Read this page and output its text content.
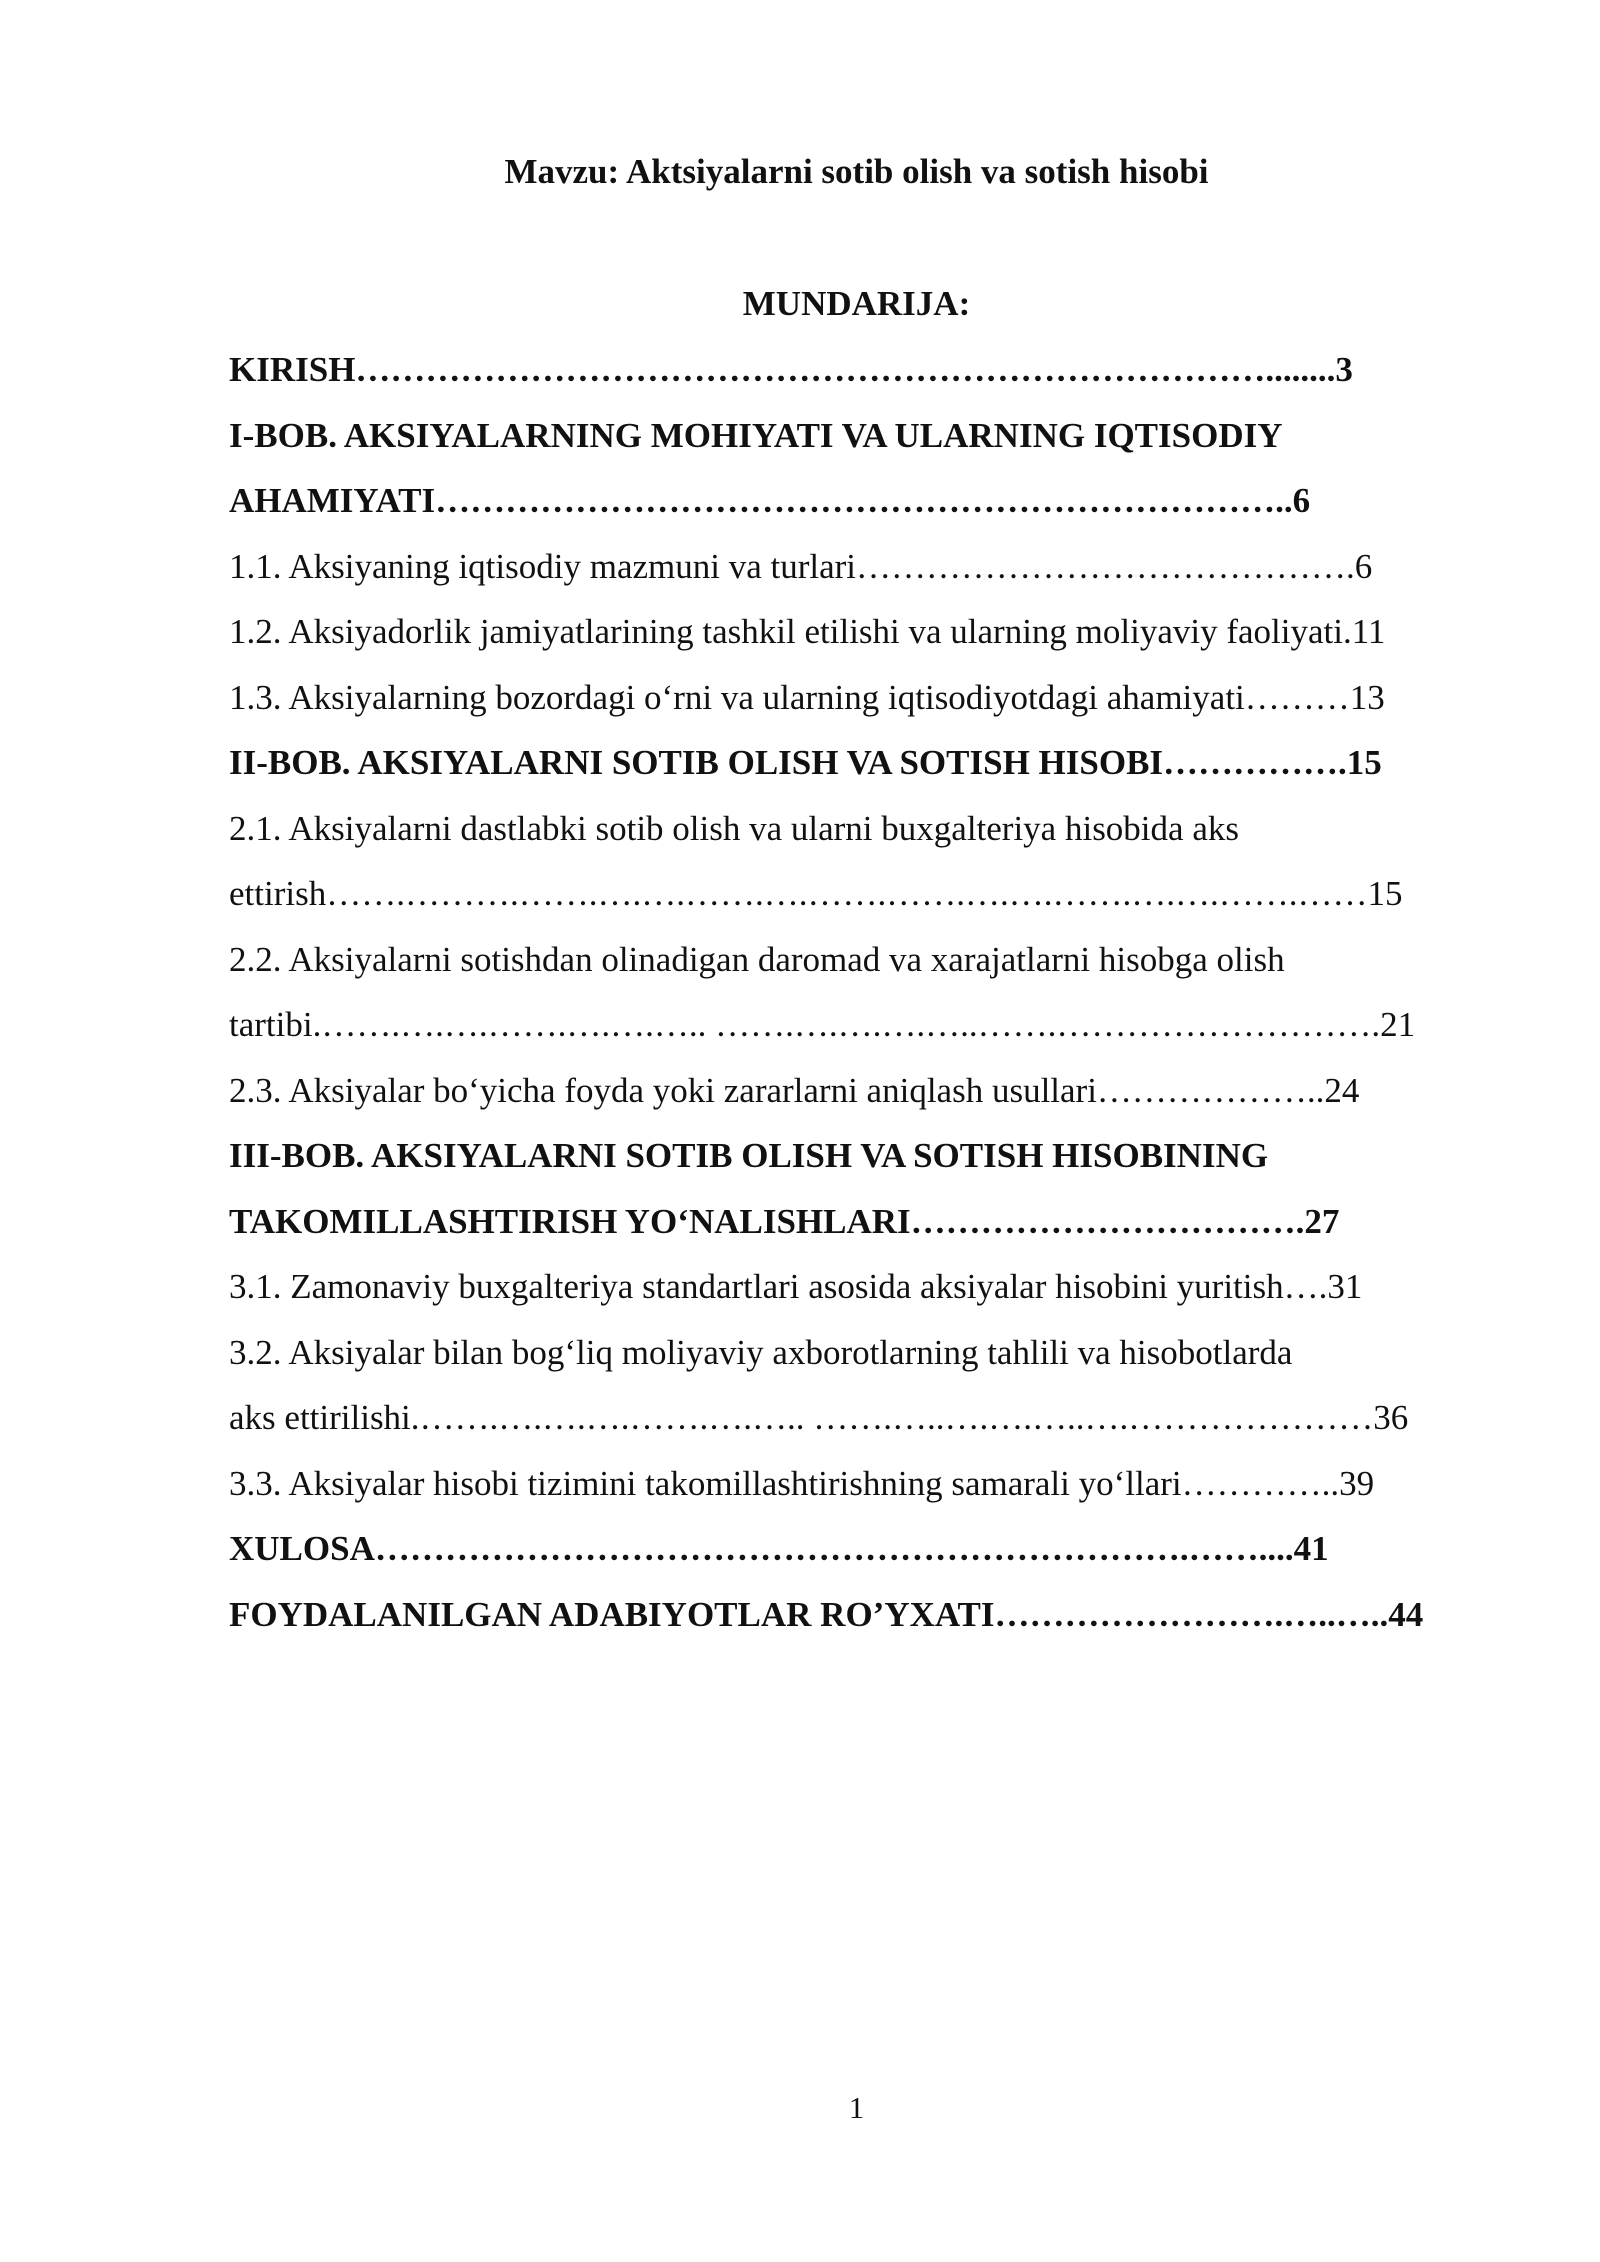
Mavzu: Aktsiyalarni sotib olish va sotish hisobi
MUNDARIJA:
KIRISH……………………………………………………………………........3
I-BOB. AKSIYALARNING MOHIYATI VA ULARNING IQTISODIY
AHAMIYATI………………………………………………………………..6
1.1. Aksiyaning iqtisodiy mazmuni va turlari…………………………………….6
1.2. Aksiyadorlik jamiyatlarining tashkil etilishi va ularning moliyaviy faoliyati.11
1.3. Aksiyalarning bozordagi o‘rni va ularning iqtisodiyotdagi ahamiyati………13
II-BOB. AKSIYALARNI SOTIB OLISH VA SOTISH HISOBI…………….15
2.1. Aksiyalarni dastlabki sotib olish va ularni buxgalteriya hisobida aks
ettirish…….……….…….….….…….….…….…….….….…….….….…….……15
2.2. Aksiyalarni sotishdan olinadigan daromad va xarajatlarni hisobga olish
tartibi.…….….….…….….….….. …….….….….…..…….……………………….21
2.3. Aksiyalar bo‘yicha foyda yoki zararlarni aniqlash usullari………………..24
III-BOB. AKSIYALARNI SOTIB OLISH VA SOTISH HISOBINING
TAKOMILLASHTIRISH YO‘NALISHLARI…………………………….27
3.1. Zamonaviy buxgalteriya standartlari asosida aksiyalar hisobini yuritish….31
3.2. Aksiyalar bilan bog‘liq moliyaviy axborotlarning tahlili va hisobotlarda
aks ettirilishi.…….….….….…….….….. …….…..….….…..….…………………36
3.3. Aksiyalar hisobi tizimini takomillashtirishning samarali yo‘llari…………..39
XULOSA…………………………………………………………….……....41
FOYDALANILGAN ADABIYOTLAR RO’YXATI…………………….…..…..44
1
